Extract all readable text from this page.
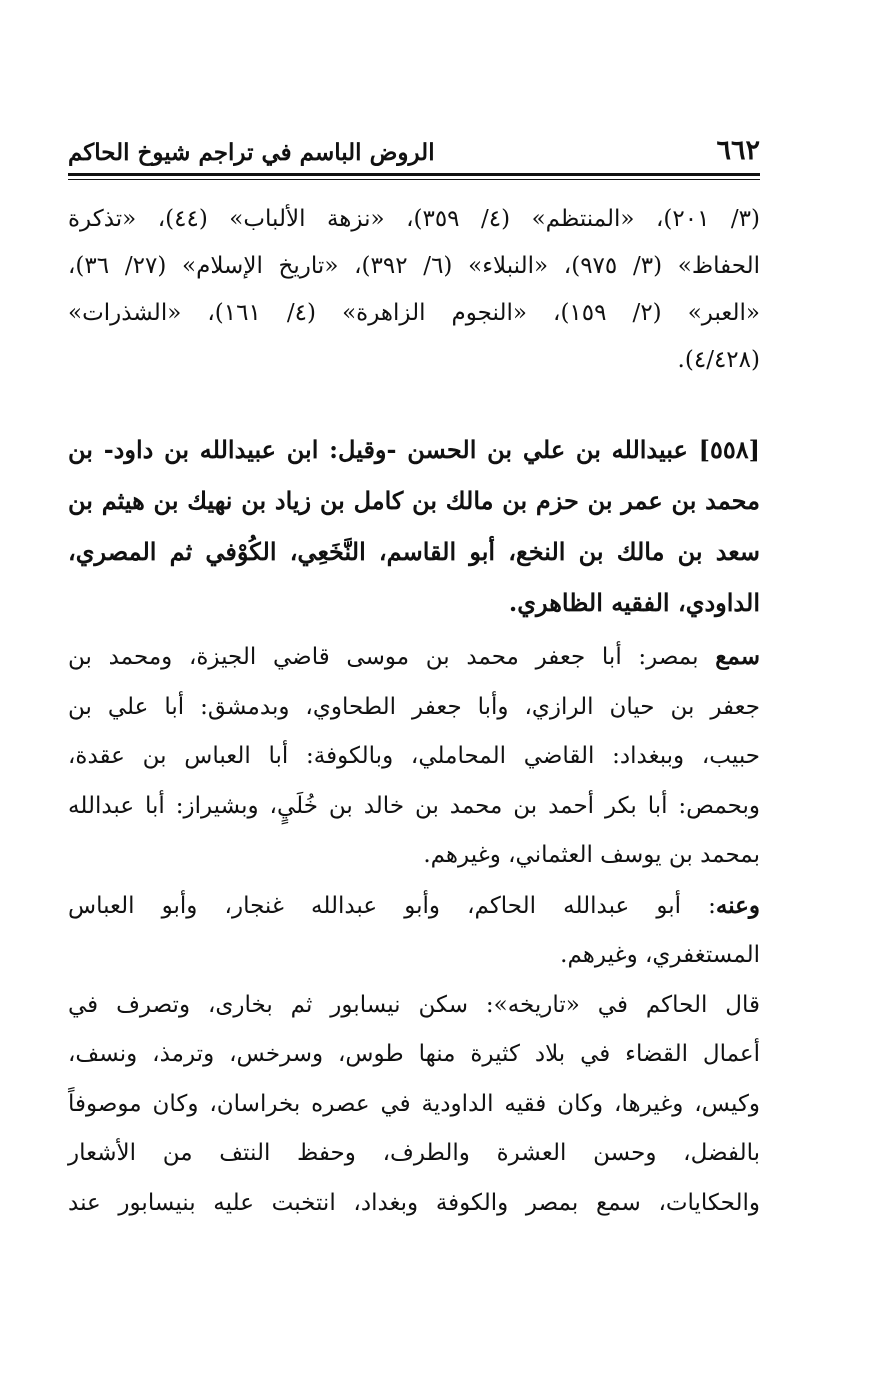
٦٦٢
الروض الباسم في تراجم شيوخ الحاكم
(٣/ ٢٠١)، «المنتظم» (٤/ ٣٥٩)، «نزهة الألباب» (٤٤)، «تذكرة
الحفاظ» (٣/ ٩٧٥)، «النبلاء» (٦/ ٣٩٢)، «تاريخ الإسلام» (٢٧/ ٣٦)،
«العبر» (٢/ ١٥٩)، «النجوم الزاهرة» (٤/ ١٦١)، «الشذرات»
(٤/٤٢٨).
[٥٥٨] عبيدالله بن علي بن الحسن -وقيل: ابن عبيدالله بن داود- بن
محمد بن عمر بن حزم بن مالك بن كامل بن زياد بن نهيك بن هيثم بن
سعد بن مالك بن النخع، أبو القاسم، النَّخَعِي، الكُوْفي ثم المصري،
الداودي، الفقيه الظاهري.
سمع بمصر: أبا جعفر محمد بن موسى قاضي الجيزة، ومحمد بن
جعفر بن حيان الرازي، وأبا جعفر الطحاوي، وبدمشق: أبا علي بن
حبيب، وببغداد: القاضي المحاملي، وبالكوفة: أبا العباس بن عقدة،
وبحمص: أبا بكر أحمد بن محمد بن خالد بن خُلَيٍ، وبشيراز: أبا عبدالله
بمحمد بن يوسف العثماني، وغيرهم.
وعنه: أبو عبدالله الحاكم، وأبو عبدالله غنجار، وأبو العباس
المستغفري، وغيرهم.
قال الحاكم في «تاريخه»: سكن نيسابور ثم بخارى، وتصرف في
أعمال القضاء في بلاد كثيرة منها طوس، وسرخس، وترمذ، ونسف،
وكيس، وغيرها، وكان فقيه الداودية في عصره بخراسان، وكان موصوفاً
بالفضل، وحسن العشرة والطرف، وحفظ النتف من الأشعار
والحكايات، سمع بمصر والكوفة وبغداد، انتخبت عليه بنيسابور عند
